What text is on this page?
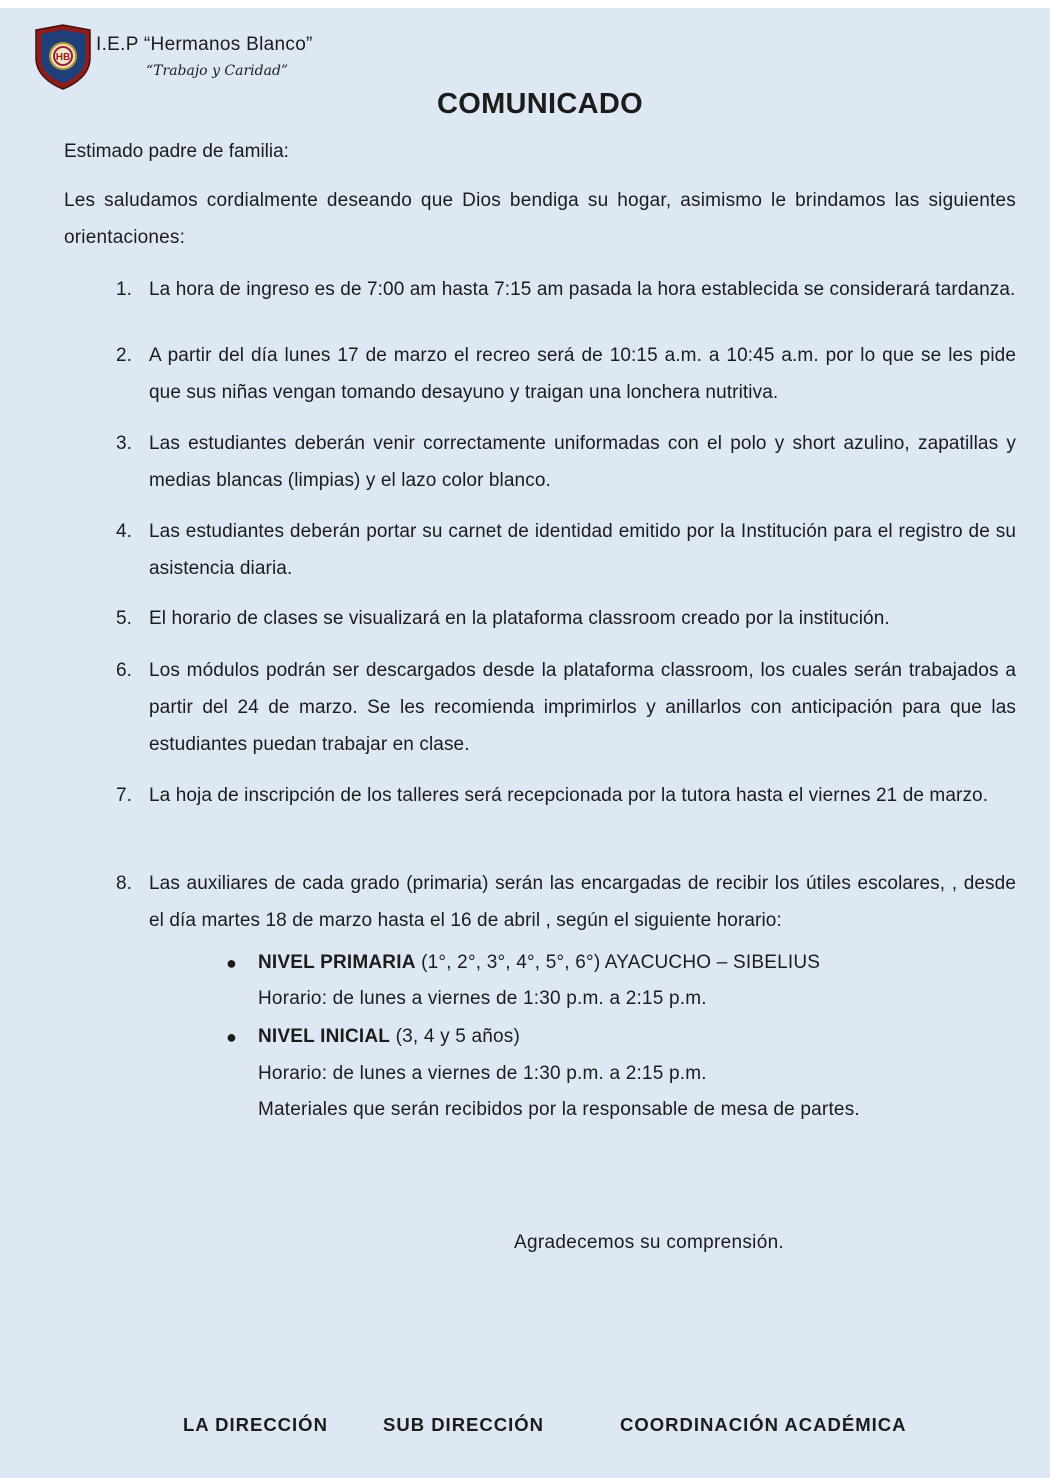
HB
I.E.P “Hermanos Blanco”
“Trabajo y Caridad”
COMUNICADO
Estimado padre de familia:
Les saludamos cordialmente deseando que Dios bendiga su hogar, asimismo le brindamos las siguientes orientaciones:
1. La hora de ingreso es de 7:00 am hasta 7:15 am pasada la hora establecida se considerará tardanza.
2. A partir del día lunes 17 de marzo el recreo será de 10:15 a.m. a 10:45 a.m. por lo que se les pide que sus niñas vengan tomando desayuno y traigan una lonchera nutritiva.
3. Las estudiantes deberán venir correctamente uniformadas con el polo y short azulino, zapatillas y medias blancas (limpias) y el lazo color blanco.
4. Las estudiantes deberán portar su carnet de identidad emitido por la Institución para el registro de su asistencia diaria.
5. El horario de clases se visualizará en la plataforma classroom creado por la institución.
6. Los módulos podrán ser descargados desde la plataforma classroom, los cuales serán trabajados a partir del 24 de marzo. Se les recomienda imprimirlos y anillarlos con anticipación para que las estudiantes puedan trabajar en clase.
7. La hoja de inscripción de los talleres será recepcionada por la tutora hasta el viernes 21 de marzo.
8. Las auxiliares de cada grado (primaria) serán las encargadas de recibir los útiles escolares, , desde el día martes 18 de marzo hasta el 16 de abril , según el siguiente horario:
● NIVEL PRIMARIA (1°, 2°, 3°, 4°, 5°, 6°) AYACUCHO – SIBELIUS
Horario: de lunes a viernes de 1:30 p.m. a 2:15 p.m.
● NIVEL INICIAL (3, 4 y 5 años)
Horario: de lunes a viernes de 1:30 p.m. a 2:15 p.m.
Materiales que serán recibidos por la responsable de mesa de partes.
Agradecemos su comprensión.
LA DIRECCIÓN	SUB DIRECCIÓN	COORDINACIÓN ACADÉMICA
